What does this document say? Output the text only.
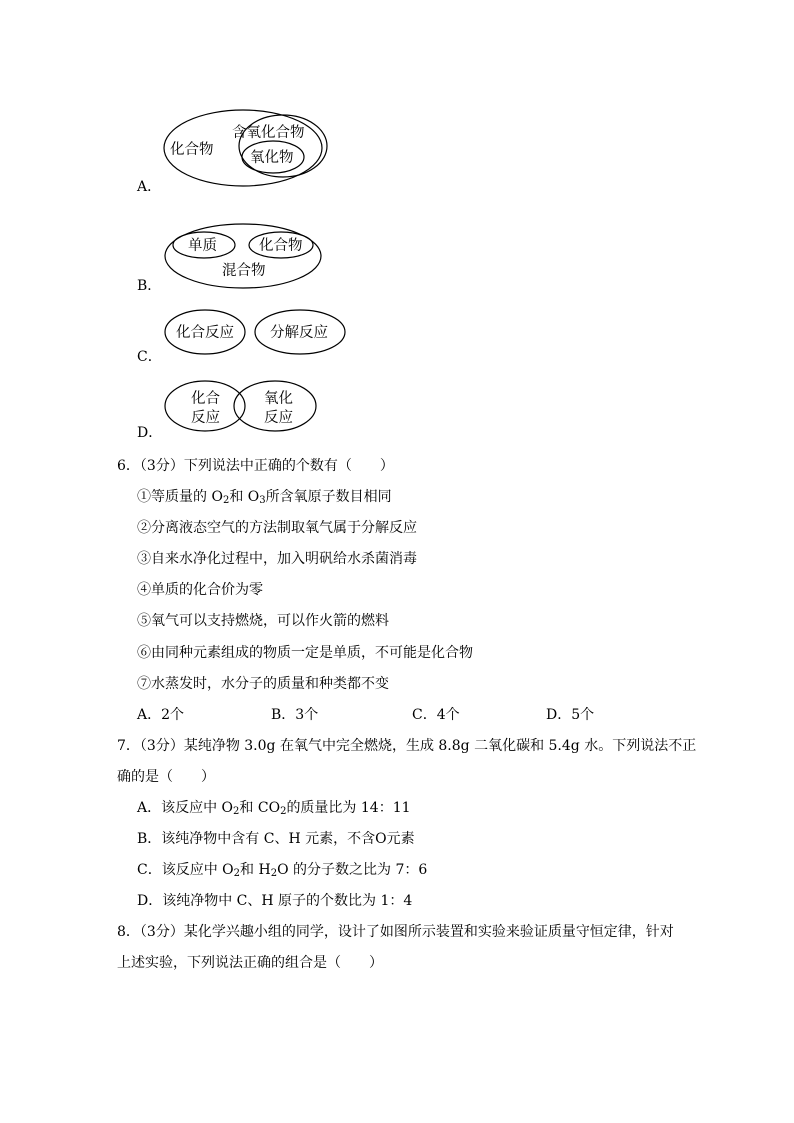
化合物
含氧化合物
氧化物
A．
单质	化合物
混合物
B．
化合反应 分解反应
C．
化合
反应
氧化
反应
D．
6．（3分）下列说法中正确的个数有（　　）
①等质量的 $O_2$和 $O_3$所含氧原子数目相同
②分离液态空气的方法制取氧气属于分解反应
③自来水净化过程中，加入明矾给水杀菌消毒
④单质的化合价为零
⑤氧气可以支持燃烧，可以作火箭的燃料
⑥由同种元素组成的物质一定是单质，不可能是化合物
⑦水蒸发时，水分子的质量和种类都不变
A．2个	B．3个	C．4个	D．5个
7．（3分）某纯净物 3.0g 在氧气中完全燃烧，生成 8.8g 二氧化碳和 5.4g 水。下列说法不正
确的是（　　）
A．该反应中 $O_2$和 $CO_2$的质量比为 14：11
B．该纯净物中含有 C、H 元素，不含O元素
C．该反应中 $O_2$和 $H_2O$ 的分子数之比为 7：6
D．该纯净物中 C、H 原子的个数比为 1：4
8．（3分）某化学兴趣小组的同学，设计了如图所示装置和实验来验证质量守恒定律，针对
上述实验，下列说法正确的组合是（　　）
